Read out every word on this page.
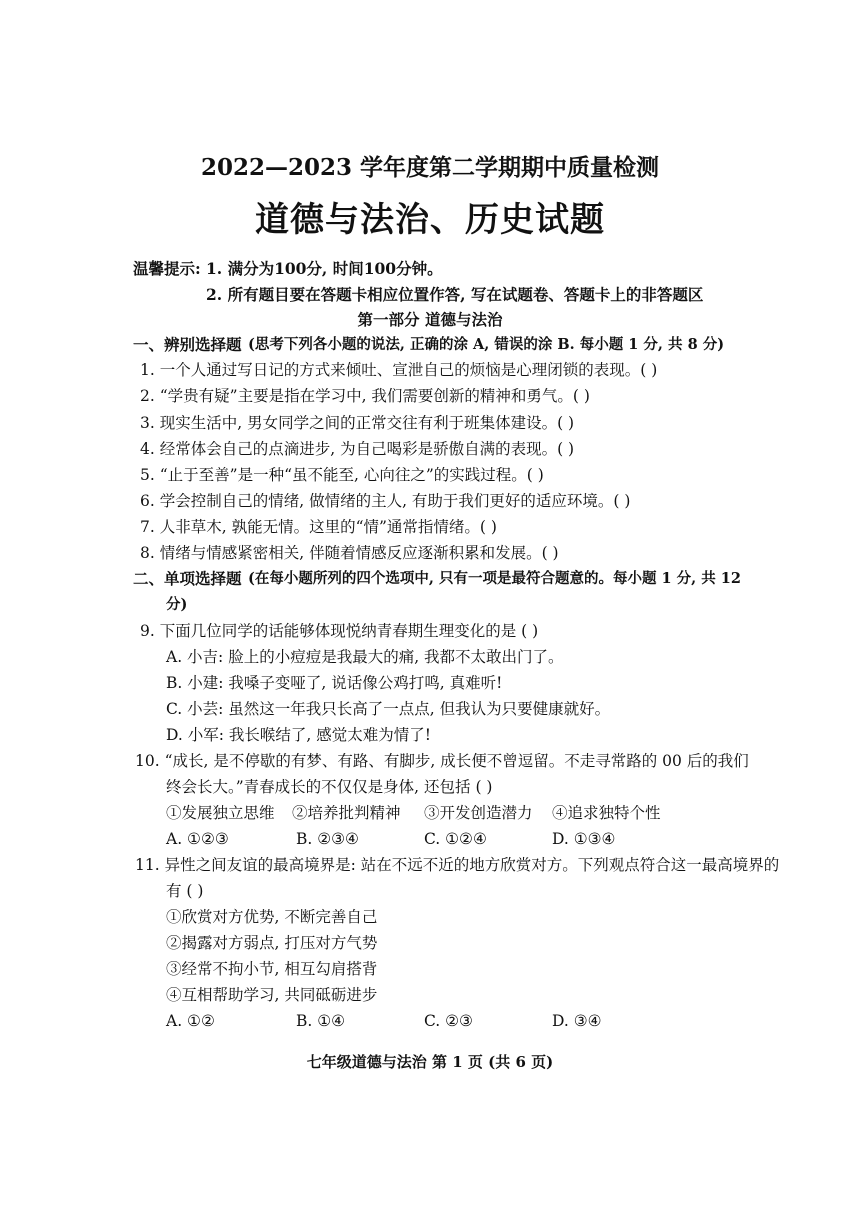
2022—2023 学年度第二学期期中质量检测
道德与法治、历史试题
温馨提示: 1. 满分为100分, 时间100分钟。
2. 所有题目要在答题卡相应位置作答, 写在试题卷、答题卡上的非答题区
第一部分 道德与法治
一、辨别选择题 (思考下列各小题的说法, 正确的涂 A, 错误的涂 B. 每小题 1 分, 共 8 分)
1. 一个人通过写日记的方式来倾吐、宣泄自己的烦恼是心理闭锁的表现。( )
2. “学贵有疑”主要是指在学习中, 我们需要创新的精神和勇气。( )
3. 现实生活中, 男女同学之间的正常交往有利于班集体建设。( )
4. 经常体会自己的点滴进步, 为自己喝彩是骄傲自满的表现。( )
5. “止于至善”是一种“虽不能至, 心向往之”的实践过程。( )
6. 学会控制自己的情绪, 做情绪的主人, 有助于我们更好的适应环境。( )
7. 人非草木, 孰能无情。这里的“情”通常指情绪。( )
8. 情绪与情感紧密相关, 伴随着情感反应逐渐积累和发展。( )
二、单项选择题 (在每小题所列的四个选项中, 只有一项是最符合题意的。每小题 1 分, 共 12
分)
9. 下面几位同学的话能够体现悦纳青春期生理变化的是 ( )
A. 小吉: 脸上的小痘痘是我最大的痛, 我都不太敢出门了。
B. 小建: 我嗓子变哑了, 说话像公鸡打鸣, 真难听!
C. 小芸: 虽然这一年我只长高了一点点, 但我认为只要健康就好。
D. 小军: 我长喉结了, 感觉太难为情了!
10. “成长, 是不停歇的有梦、有路、有脚步, 成长便不曾逗留。不走寻常路的 00 后的我们
终会长大。”青春成长的不仅仅是身体, 还包括 ( )
①发展独立思维 ②培养批判精神 ③开发创造潜力 ④追求独特个性
A. ①②③	B. ②③④	C. ①②④	D. ①③④
11. 异性之间友谊的最高境界是: 站在不远不近的地方欣赏对方。下列观点符合这一最高境界的
有 ( )
①欣赏对方优势, 不断完善自己
②揭露对方弱点, 打压对方气势
③经常不拘小节, 相互勾肩搭背
④互相帮助学习, 共同砥砺进步
A. ①②	B. ①④	C. ②③	D. ③④
七年级道德与法治 第 1 页 (共 6 页)
